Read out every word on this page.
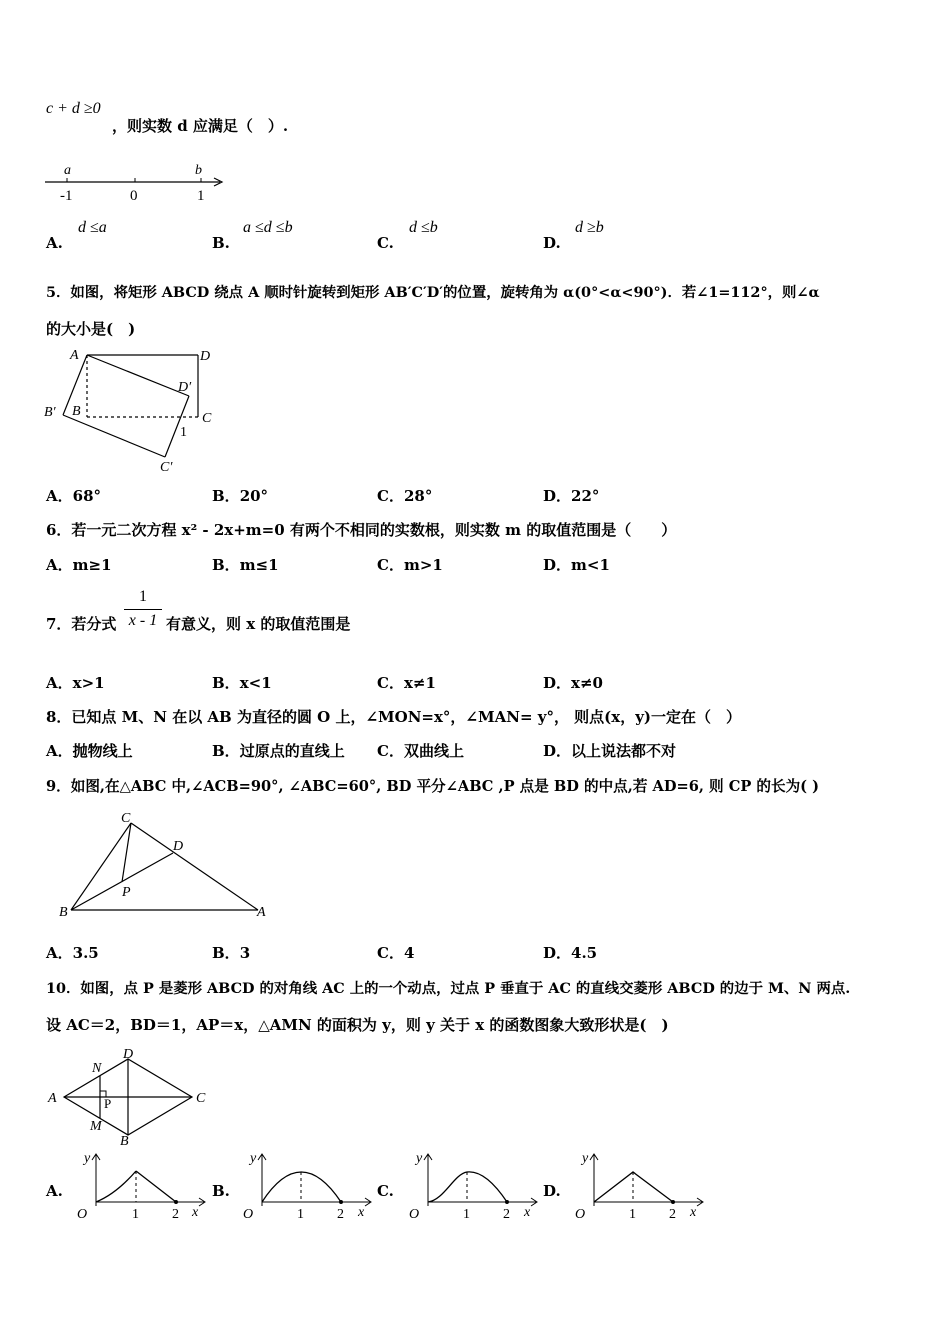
c + d ≥0
，则实数 d 应满足（　）.
a	b
-1	0	1
A.
d ≤a
B.
a ≤d ≤b
C.
d ≤b
D.
d ≥b
5．如图，将矩形 ABCD 绕点 A 顺时针旋转到矩形 AB′C′D′的位置，旋转角为 α(0°<α<90°)．若∠1=112°，则∠α
的大小是(　)
A	D
D′
B′ B	C
1
C′
A．68°	B．20°	C．28°	D．22°
6．若一元二次方程 x² - 2x+m=0 有两个不相同的实数根，则实数 m 的取值范围是（　　）
A．m≥1	B．m≤1	C．m>1	D．m<1
7．若分式
1
x - 1 有意义，则 x 的取值范围是
A．x>1	B．x<1	C．x≠1	D．x≠0
8．已知点 M、N 在以 AB 为直径的圆 O 上，∠MON=x°，∠MAN= y°， 则点(x，y)一定在（　）
A．抛物线上	B．过原点的直线上 C．双曲线上	D．以上说法都不对
9．如图,在△ABC 中,∠ACB=90°, ∠ABC=60°, BD 平分∠ABC ,P 点是 BD 的中点,若 AD=6, 则 CP 的长为( )
C
D
P
B	A
A．3.5	B．3	C．4	D．4.5
10．如图，点 P 是菱形 ABCD 的对角线 AC 上的一个动点，过点 P 垂直于 AC 的直线交菱形 ABCD 的边于 M、N 两点.
设 AC＝2，BD＝1，AP＝x，△AMN 的面积为 y，则 y 关于 x 的函数图象大致形状是(　)
D
N
A	P	C
M
B
A.	B.	C.	D.
y
O	1 2 x
y
O	1 2 x
y
O	1 2 x
y
O	1 2 x
